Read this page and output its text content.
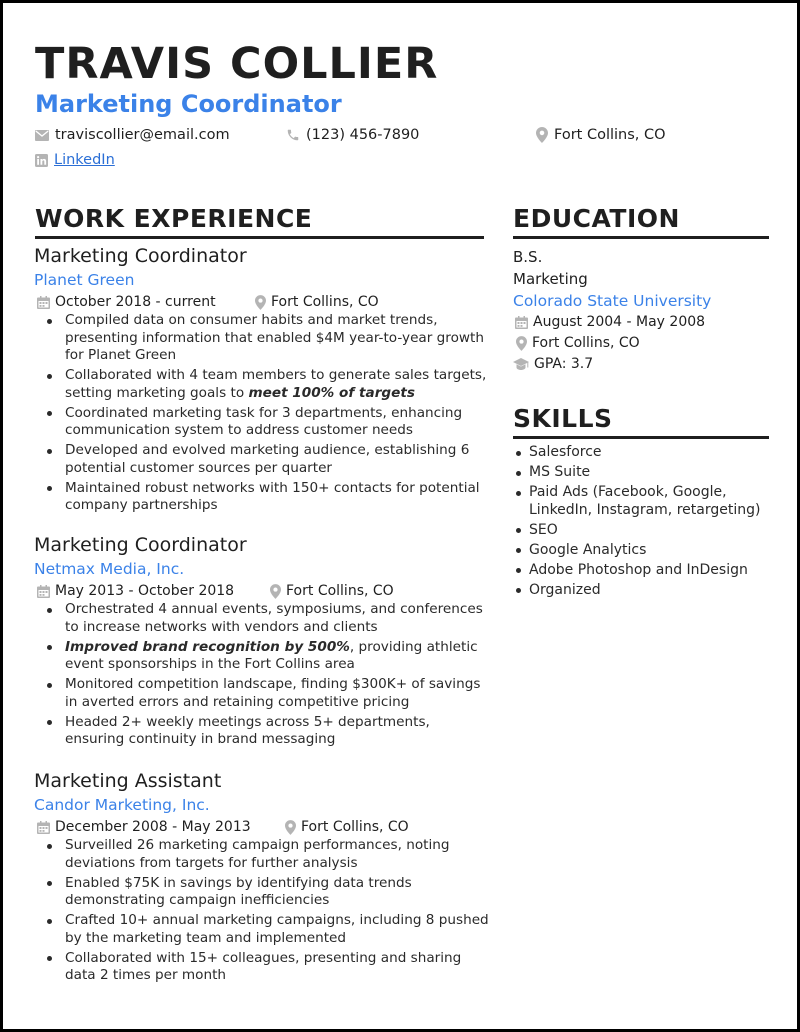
TRAVIS COLLIER
Marketing Coordinator
traviscollier@email.com	(123) 456-7890	Fort Collins, CO
LinkedIn
WORK EXPERIENCE
Marketing Coordinator
Planet Green
October 2018 - current	Fort Collins, CO
Compiled data on consumer habits and market trends, presenting information that enabled $4M year-to-year growth for Planet Green
Collaborated with 4 team members to generate sales targets, setting marketing goals to meet 100% of targets
Coordinated marketing task for 3 departments, enhancing communication system to address customer needs
Developed and evolved marketing audience, establishing 6 potential customer sources per quarter
Maintained robust networks with 150+ contacts for potential company partnerships
Marketing Coordinator
Netmax Media, Inc.
May 2013 - October 2018	Fort Collins, CO
Orchestrated 4 annual events, symposiums, and conferences to increase networks with vendors and clients
Improved brand recognition by 500%, providing athletic event sponsorships in the Fort Collins area
Monitored competition landscape, finding $300K+ of savings in averted errors and retaining competitive pricing
Headed 2+ weekly meetings across 5+ departments, ensuring continuity in brand messaging
Marketing Assistant
Candor Marketing, Inc.
December 2008 - May 2013	Fort Collins, CO
Surveilled 26 marketing campaign performances, noting deviations from targets for further analysis
Enabled $75K in savings by identifying data trends demonstrating campaign inefficiencies
Crafted 10+ annual marketing campaigns, including 8 pushed by the marketing team and implemented
Collaborated with 15+ colleagues, presenting and sharing data 2 times per month
EDUCATION
B.S.
Marketing
Colorado State University
August 2004 - May 2008
Fort Collins, CO
GPA: 3.7
SKILLS
Salesforce
MS Suite
Paid Ads (Facebook, Google, LinkedIn, Instagram, retargeting)
SEO
Google Analytics
Adobe Photoshop and InDesign
Organized
